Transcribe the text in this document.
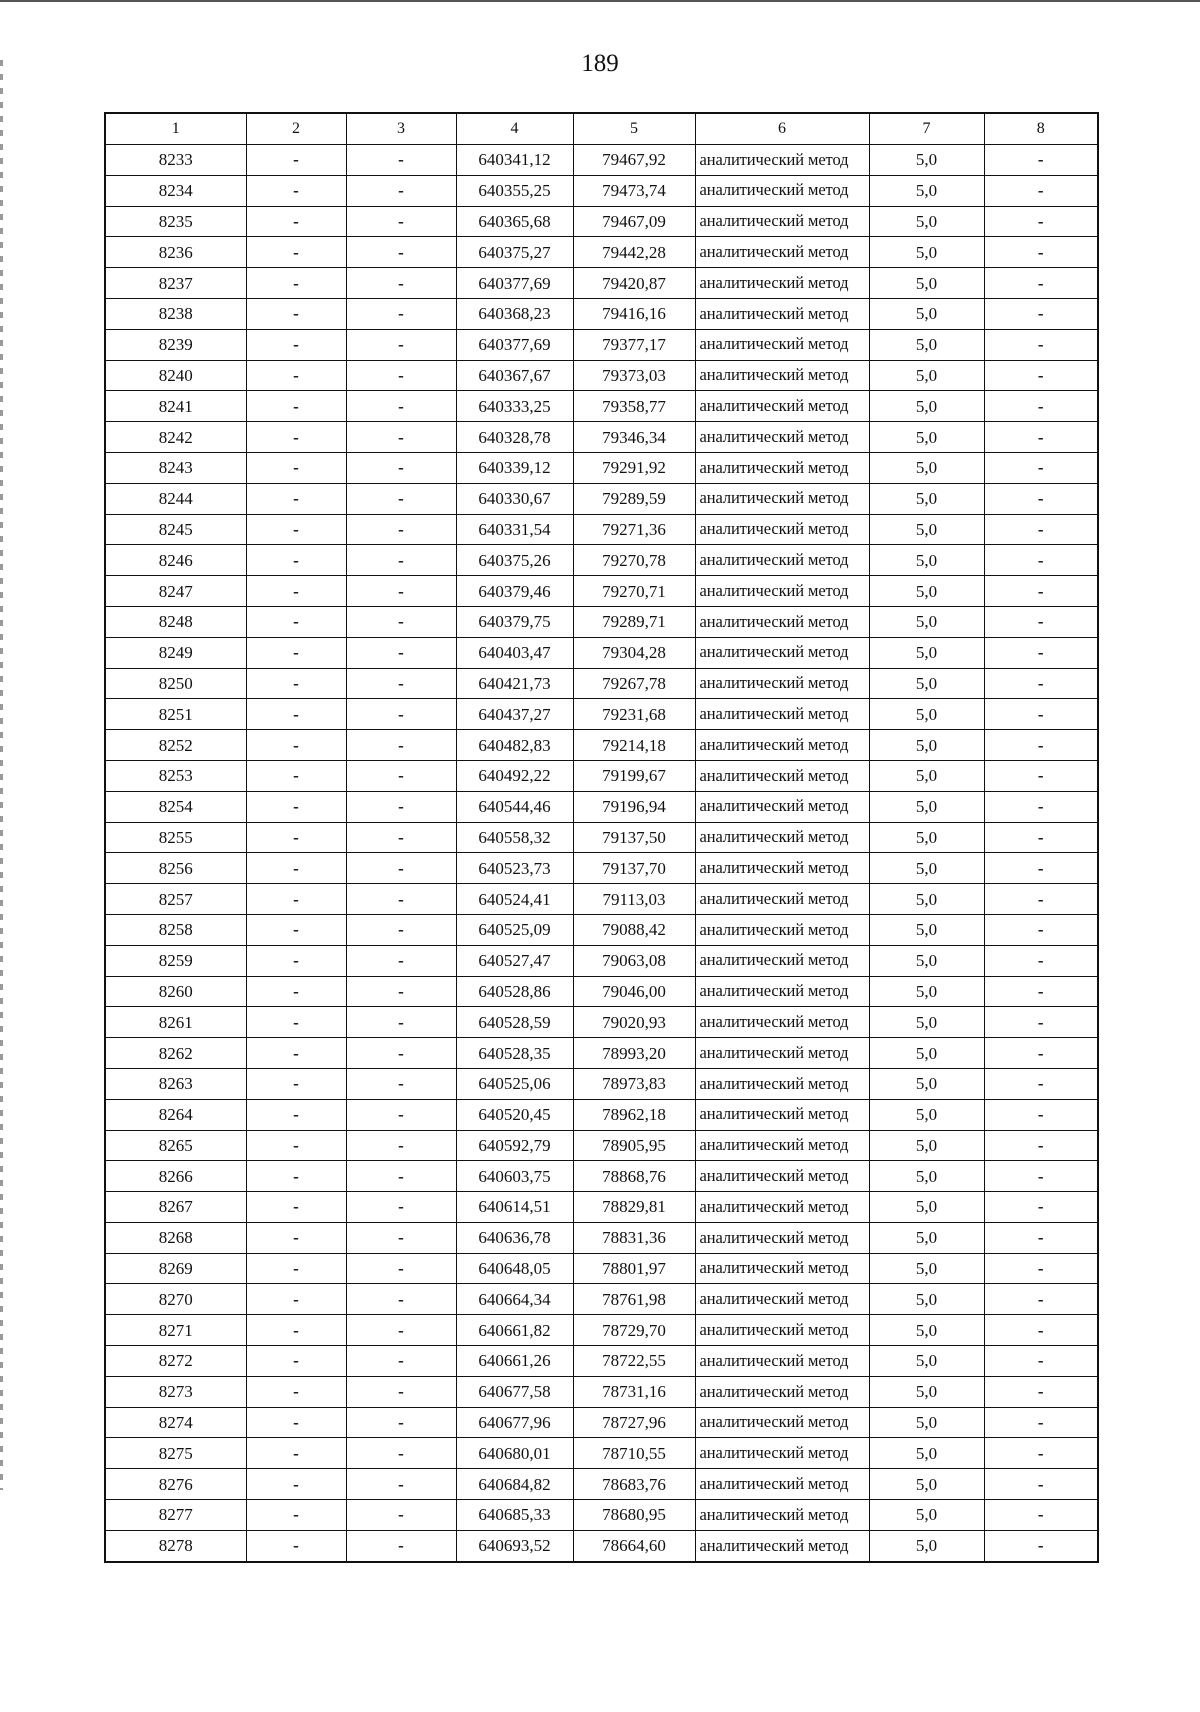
189
1	2	3	4	5	6	7	8
8233	-	-	640341,12	79467,92	аналитический метод	5,0	-
8234	-	-	640355,25	79473,74	аналитический метод	5,0	-
8235	-	-	640365,68	79467,09	аналитический метод	5,0	-
8236	-	-	640375,27	79442,28	аналитический метод	5,0	-
8237	-	-	640377,69	79420,87	аналитический метод	5,0	-
8238	-	-	640368,23	79416,16	аналитический метод	5,0	-
8239	-	-	640377,69	79377,17	аналитический метод	5,0	-
8240	-	-	640367,67	79373,03	аналитический метод	5,0	-
8241	-	-	640333,25	79358,77	аналитический метод	5,0	-
8242	-	-	640328,78	79346,34	аналитический метод	5,0	-
8243	-	-	640339,12	79291,92	аналитический метод	5,0	-
8244	-	-	640330,67	79289,59	аналитический метод	5,0	-
8245	-	-	640331,54	79271,36	аналитический метод	5,0	-
8246	-	-	640375,26	79270,78	аналитический метод	5,0	-
8247	-	-	640379,46	79270,71	аналитический метод	5,0	-
8248	-	-	640379,75	79289,71	аналитический метод	5,0	-
8249	-	-	640403,47	79304,28	аналитический метод	5,0	-
8250	-	-	640421,73	79267,78	аналитический метод	5,0	-
8251	-	-	640437,27	79231,68	аналитический метод	5,0	-
8252	-	-	640482,83	79214,18	аналитический метод	5,0	-
8253	-	-	640492,22	79199,67	аналитический метод	5,0	-
8254	-	-	640544,46	79196,94	аналитический метод	5,0	-
8255	-	-	640558,32	79137,50	аналитический метод	5,0	-
8256	-	-	640523,73	79137,70	аналитический метод	5,0	-
8257	-	-	640524,41	79113,03	аналитический метод	5,0	-
8258	-	-	640525,09	79088,42	аналитический метод	5,0	-
8259	-	-	640527,47	79063,08	аналитический метод	5,0	-
8260	-	-	640528,86	79046,00	аналитический метод	5,0	-
8261	-	-	640528,59	79020,93	аналитический метод	5,0	-
8262	-	-	640528,35	78993,20	аналитический метод	5,0	-
8263	-	-	640525,06	78973,83	аналитический метод	5,0	-
8264	-	-	640520,45	78962,18	аналитический метод	5,0	-
8265	-	-	640592,79	78905,95	аналитический метод	5,0	-
8266	-	-	640603,75	78868,76	аналитический метод	5,0	-
8267	-	-	640614,51	78829,81	аналитический метод	5,0	-
8268	-	-	640636,78	78831,36	аналитический метод	5,0	-
8269	-	-	640648,05	78801,97	аналитический метод	5,0	-
8270	-	-	640664,34	78761,98	аналитический метод	5,0	-
8271	-	-	640661,82	78729,70	аналитический метод	5,0	-
8272	-	-	640661,26	78722,55	аналитический метод	5,0	-
8273	-	-	640677,58	78731,16	аналитический метод	5,0	-
8274	-	-	640677,96	78727,96	аналитический метод	5,0	-
8275	-	-	640680,01	78710,55	аналитический метод	5,0	-
8276	-	-	640684,82	78683,76	аналитический метод	5,0	-
8277	-	-	640685,33	78680,95	аналитический метод	5,0	-
8278	-	-	640693,52	78664,60	аналитический метод	5,0	-
